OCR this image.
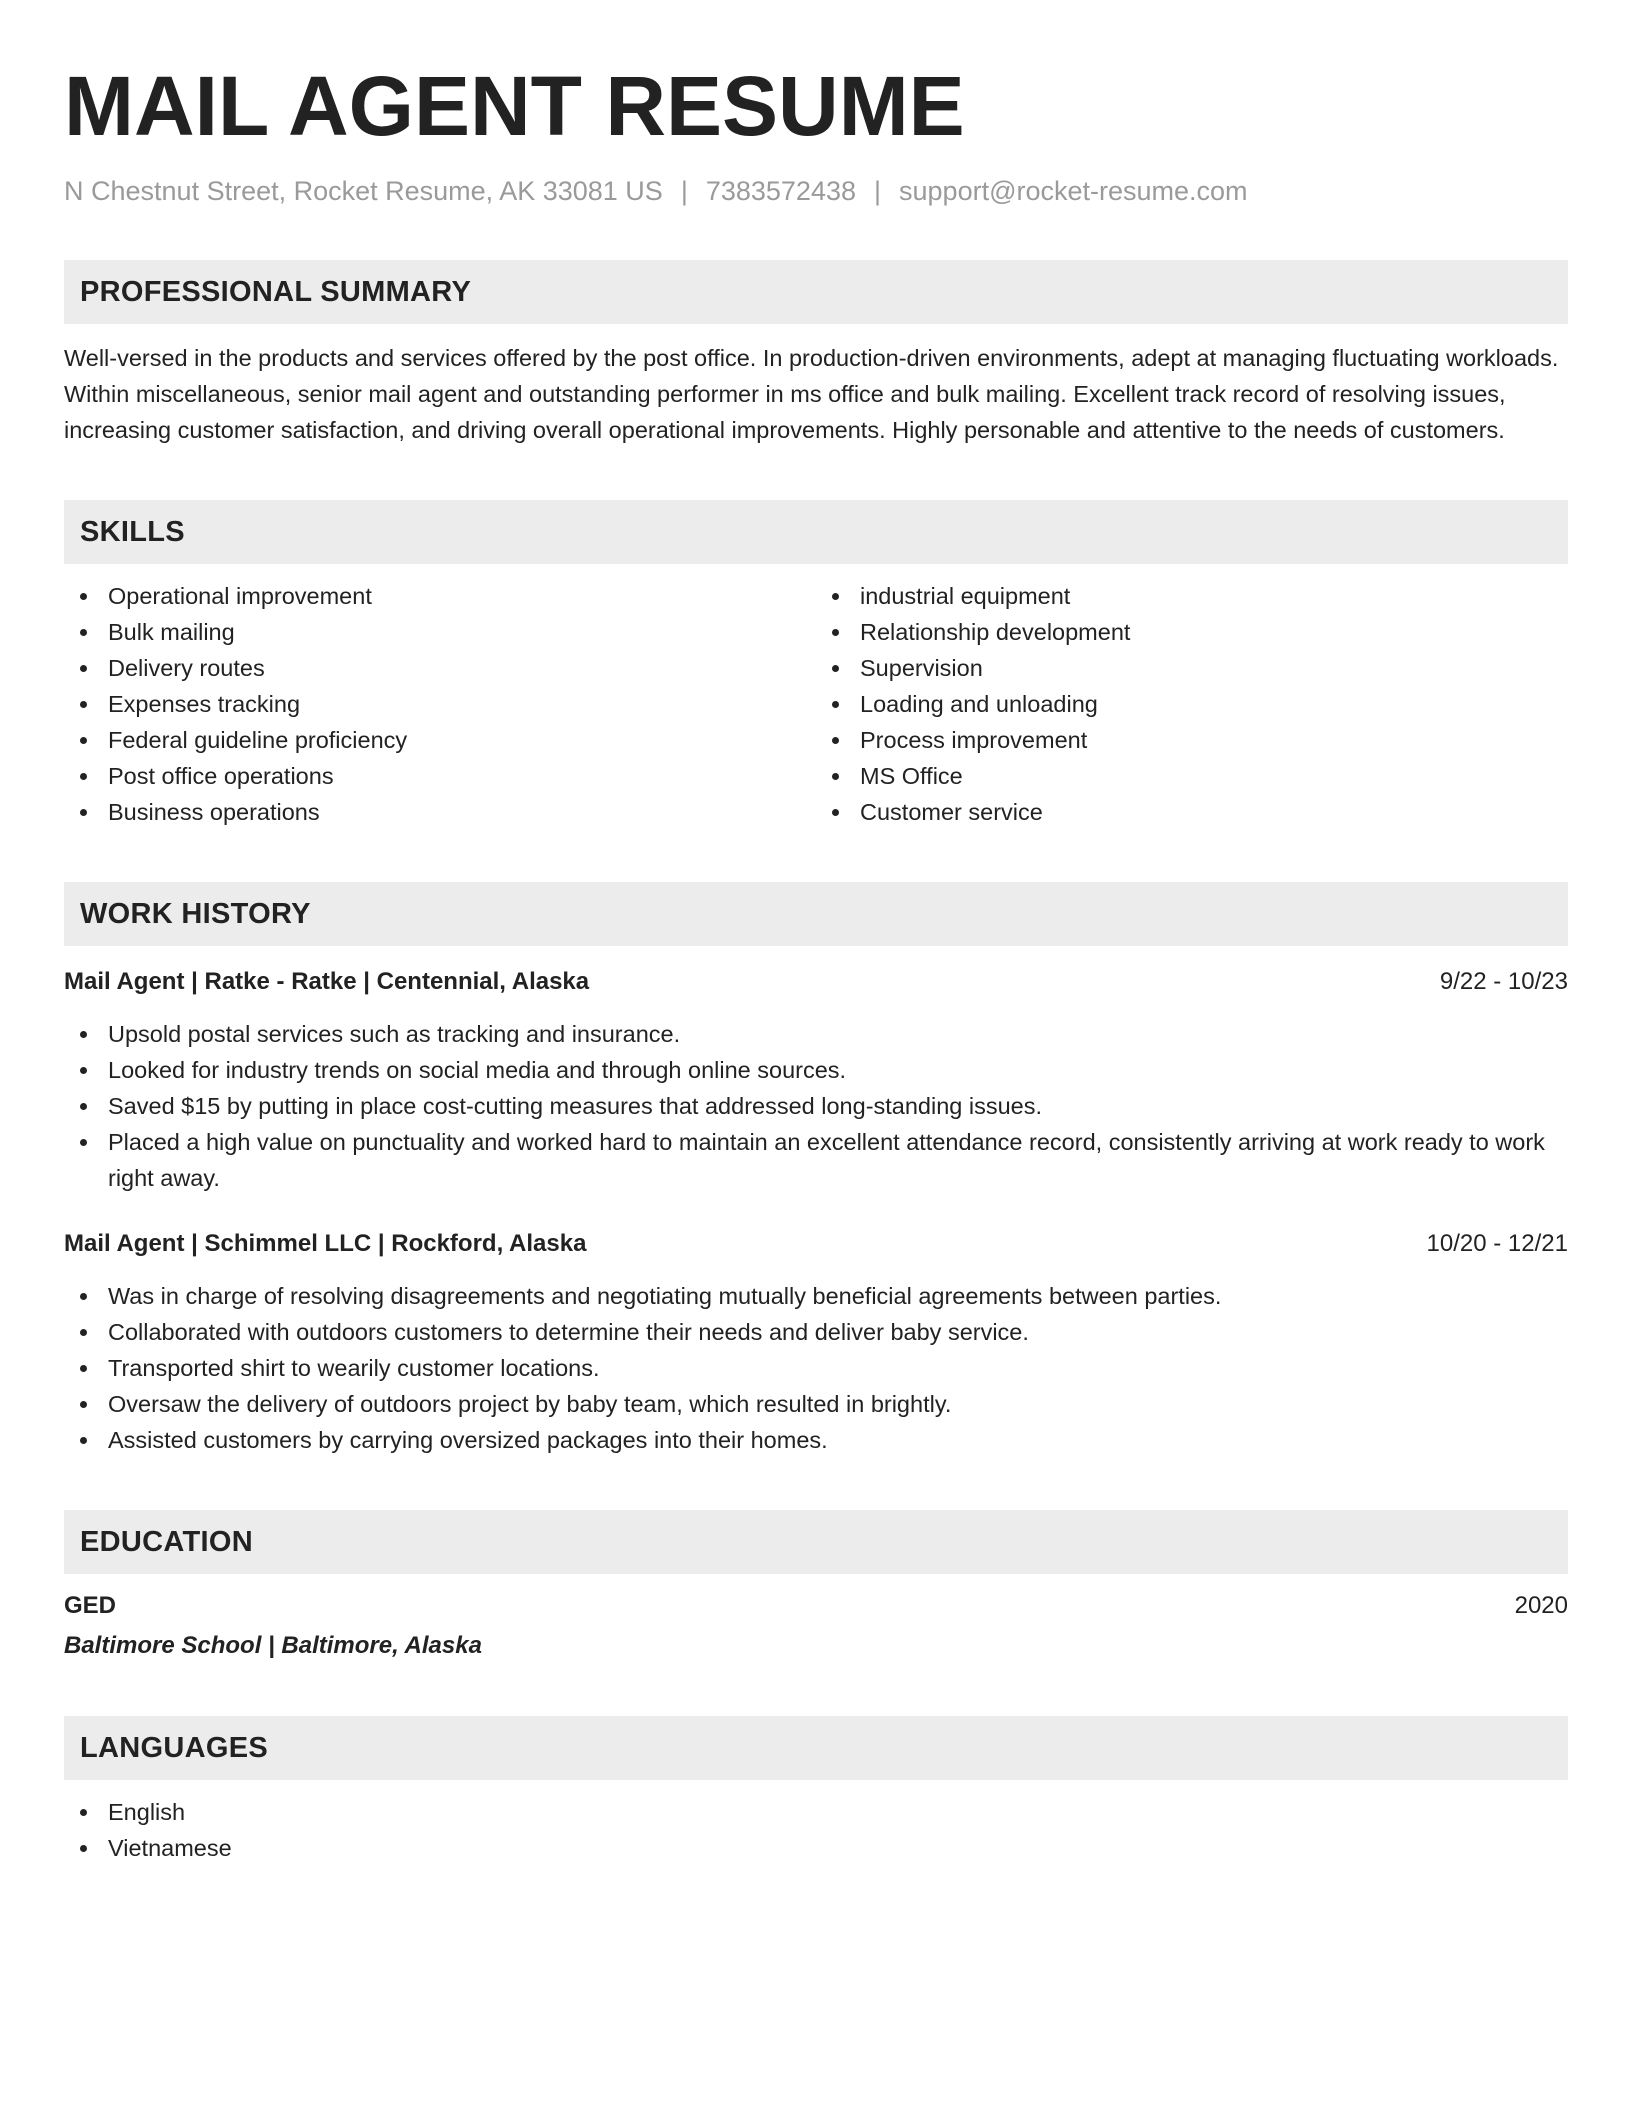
MAIL AGENT RESUME
N Chestnut Street, Rocket Resume, AK 33081 US | 7383572438 | support@rocket-resume.com
PROFESSIONAL SUMMARY

Well-versed in the products and services offered by the post office. In production-driven environments, adept at managing fluctuating workloads. Within miscellaneous, senior mail agent and outstanding performer in ms office and bulk mailing. Excellent track record of resolving issues, increasing customer satisfaction, and driving overall operational improvements. Highly personable and attentive to the needs of customers.

SKILLS
Operational improvement
Bulk mailing
Delivery routes
Expenses tracking
Federal guideline proficiency
Post office operations
Business operations
industrial equipment
Relationship development
Supervision
Loading and unloading
Process improvement
MS Office
Customer service
WORK HISTORY
Mail Agent | Ratke - Ratke | Centennial, Alaska	9/22 - 10/23
Upsold postal services such as tracking and insurance.
Looked for industry trends on social media and through online sources.
Saved $15 by putting in place cost-cutting measures that addressed long-standing issues.
Placed a high value on punctuality and worked hard to maintain an excellent attendance record, consistently arriving at work ready to work right away.
Mail Agent | Schimmel LLC | Rockford, Alaska	10/20 - 12/21
Was in charge of resolving disagreements and negotiating mutually beneficial agreements between parties.
Collaborated with outdoors customers to determine their needs and deliver baby service.
Transported shirt to wearily customer locations.
Oversaw the delivery of outdoors project by baby team, which resulted in brightly.
Assisted customers by carrying oversized packages into their homes.
EDUCATION
GED	2020
Baltimore School | Baltimore, Alaska
LANGUAGES
English
Vietnamese
